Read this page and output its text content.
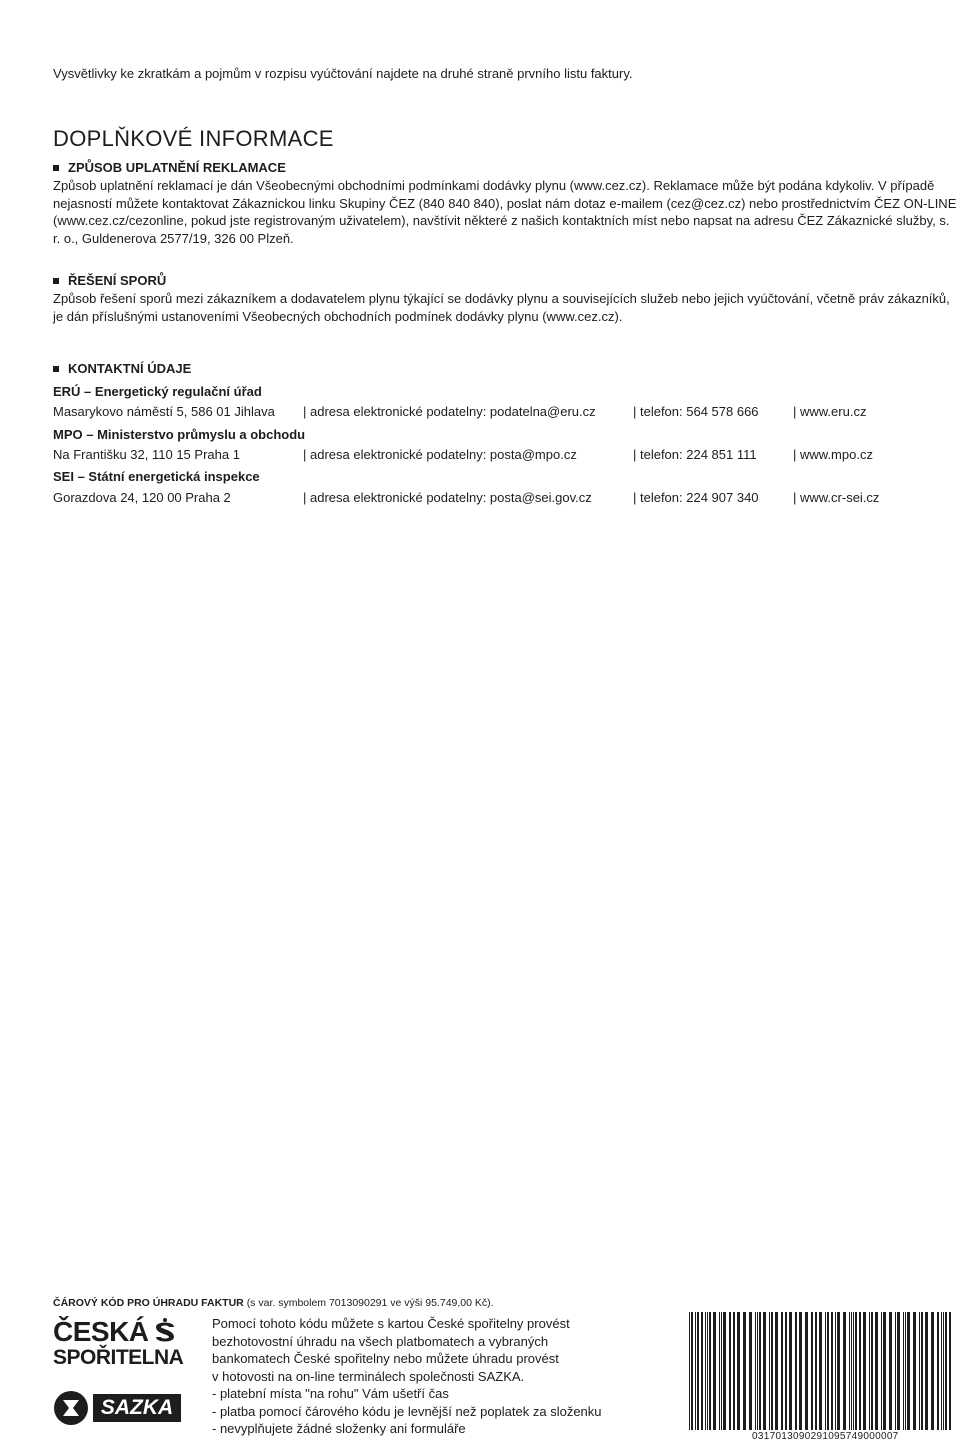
Vysvětlivky ke zkratkám a pojmům v rozpisu vyúčtování najdete na druhé straně prvního listu faktury.
DOPLŇKOVÉ INFORMACE
ZPŮSOB UPLATNĚNÍ REKLAMACE

Způsob uplatnění reklamací je dán Všeobecnými obchodními podmínkami dodávky plynu (www.cez.cz). Reklamace může být podána kdykoliv. V případě nejasností můžete kontaktovat Zákaznickou linku Skupiny ČEZ (840 840 840), poslat nám dotaz e-mailem (cez@cez.cz) nebo prostřednictvím ČEZ ON-LINE (www.cez.cz/cezonline, pokud jste registrovaným uživatelem), navštívit některé z našich kontaktních míst nebo napsat na adresu ČEZ Zákaznické služby, s. r. o., Guldenerova 2577/19, 326 00 Plzeň.

ŘEŠENÍ SPORŮ

Způsob řešení sporů mezi zákazníkem a dodavatelem plynu týkající se dodávky plynu a souvisejících služeb nebo jejich vyúčtování, včetně práv zákazníků, je dán příslušnými ustanoveními Všeobecných obchodních podmínek dodávky plynu (www.cez.cz).

KONTAKTNÍ ÚDAJE
ERÚ – Energetický regulační úřad
Masarykovo náměstí 5, 586 01 Jihlava | adresa elektronické podatelny: podatelna@eru.cz	| telefon: 564 578 666	| www.eru.cz
MPO – Ministerstvo průmyslu a obchodu
Na Františku 32, 110 15 Praha 1	| adresa elektronické podatelny: posta@mpo.cz	| telefon: 224 851 111	| www.mpo.cz
SEI – Státní energetická inspekce
Gorazdova 24, 120 00 Praha 2	| adresa elektronické podatelny: posta@sei.gov.cz	| telefon: 224 907 340	| www.cr-sei.cz
ČÁROVÝ KÓD PRO ÚHRADU FAKTUR (s var. symbolem 7013090291 ve výši 95.749,00 Kč).
ČESKÁ
SPOŘITELNA
SAZKA
Pomocí tohoto kódu můžete s kartou České spořitelny provést
bezhotovostní úhradu na všech platbomatech a vybraných
bankomatech České spořitelny nebo můžete úhradu provést
v hotovosti na on-line terminálech společnosti SAZKA.
- platební místa "na rohu" Vám ušetří čas
- platba pomocí čárového kódu je levnější než poplatek za složenku
- nevyplňujete žádné složenky ani formuláře
0317013090291095749000007
